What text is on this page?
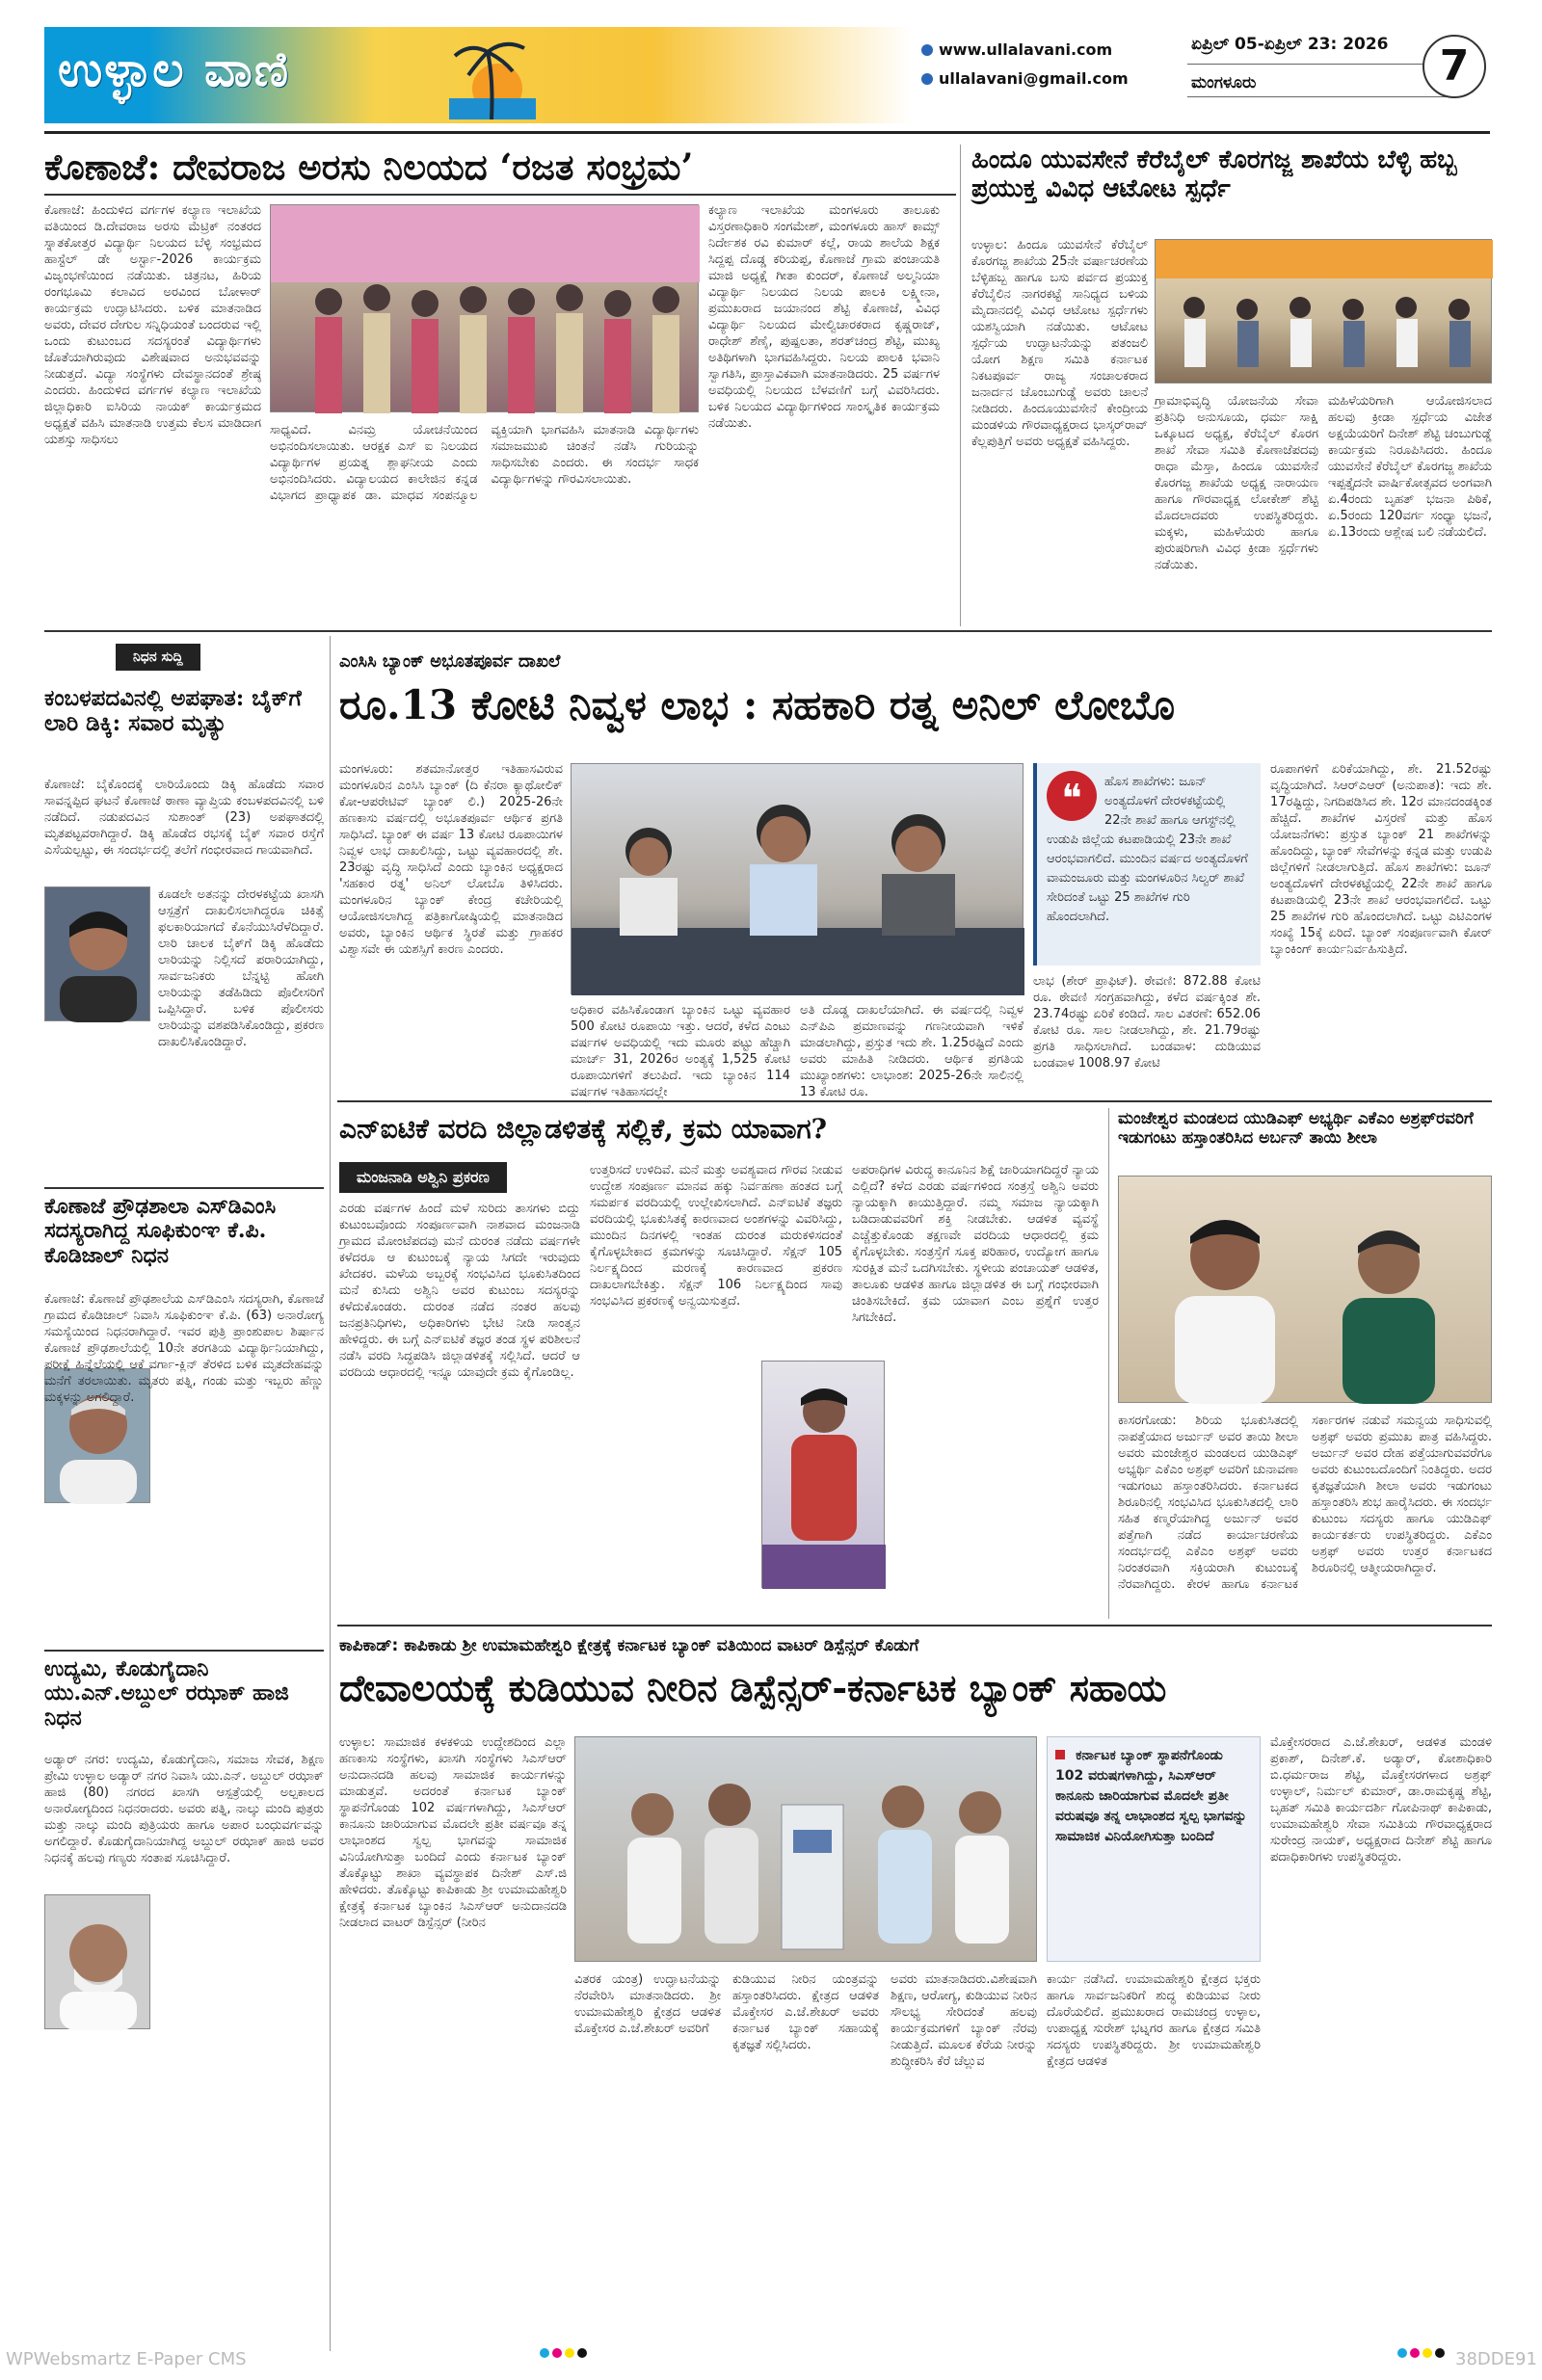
ಉಳ್ಳಾಲ ವಾಣಿ	www.ullalavani.com
ullalavani@gmail.com
ಏಪ್ರಿಲ್ 05-ಏಪ್ರಿಲ್ 23: 2026
ಮಂಗಳೂರು	7
ಕೊಣಾಜೆ: ದೇವರಾಜ ಅರಸು ನಿಲಯದ ‘ರಜತ ಸಂಭ್ರಮ’
ಕೊಣಾಜೆ: ಹಿಂದುಳಿದ ವರ್ಗಗಳ ಕಲ್ಯಾಣ ಇಲಾಖೆಯ ವತಿಯಿಂದ ಡಿ.ದೇವರಾಜ ಅರಸು ಮೆಟ್ರಿಕ್ ನಂತರದ ಸ್ನಾತಕೋತ್ತರ ವಿದ್ಯಾರ್ಥಿ ನಿಲಯದ ಬೆಳ್ಳಿ ಸಂಭ್ರಮದ ಹಾಸ್ಟೆಲ್ ಡೇ ಅರ್ಸ್ಟಾ-2026 ಕಾರ್ಯಕ್ರಮ ವಿಜೃಂಭಣೆಯಿಂದ ನಡೆಯಿತು. ಚಿತ್ರನಟ, ಹಿರಿಯ ರಂಗಭೂಮಿ ಕಲಾವಿದ ಅರವಿಂದ ಬೋಳಾರ್ ಕಾರ್ಯಕ್ರಮ ಉದ್ಘಾಟಿಸಿದರು. ಬಳಿಕ ಮಾತನಾಡಿದ ಅವರು, ದೇವರ ದೇಗುಲ ಸನ್ನಿಧಿಯಂತೆ ಬಂದರುವ ಇಲ್ಲಿ ಒಂದು ಕುಟುಂಬದ ಸದಸ್ಯರಂತೆ ವಿದ್ಯಾರ್ಥಿಗಳು ಜೊತೆಯಾಗಿರುವುದು ವಿಶೇಷವಾದ ಅನುಭವವನ್ನು ನೀಡುತ್ತದೆ. ವಿದ್ಯಾ ಸಂಸ್ಥೆಗಳು ದೇವಸ್ಥಾನದಂತೆ ಶ್ರೇಷ್ಠ ಎಂದರು. ಹಿಂದುಳಿದ ವರ್ಗಗಳ ಕಲ್ಯಾಣ ಇಲಾಖೆಯ ಜಿಲ್ಲಾಧಿಕಾರಿ ಐಸಿರಿಯ ನಾಯಕ್ ಕಾರ್ಯಕ್ರಮದ ಅಧ್ಯಕ್ಷತೆ ವಹಿಸಿ ಮಾತನಾಡಿ ಉತ್ತಮ ಕೆಲಸ ಮಾಡಿದಾಗ ಯಶಸ್ಸು ಸಾಧಿಸಲು
ಸಾಧ್ಯವಿದೆ. ವಿನಮ್ರ ಯೋಚನೆಯಿಂದ ಅಭಿನಂದಿಸಲಾಯಿತು. ಆರಕ್ಷಕ ಎಸ್ ಐ ನಿಲಯದ ವಿದ್ಯಾರ್ಥಿಗಳ ಪ್ರಯತ್ನ ಶ್ಲಾಘನೀಯ ಎಂದು ಅಭಿನಂದಿಸಿದರು. ವಿದ್ಯಾಲಯದ ಕಾಲೇಜಿನ ಕನ್ನಡ ವಿಭಾಗದ ಪ್ರಾಧ್ಯಾಪಕ ಡಾ. ಮಾಧವ ಸಂಪನ್ಮೂಲ ವ್ಯಕ್ತಿಯಾಗಿ ಭಾಗವಹಿಸಿ ಮಾತನಾಡಿ ವಿದ್ಯಾರ್ಥಿಗಳು ಸಮಾಜಮುಖಿ ಚಿಂತನೆ ನಡೆಸಿ ಗುರಿಯನ್ನು ಸಾಧಿಸಬೇಕು ಎಂದರು. ಈ ಸಂದರ್ಭ ಸಾಧಕ ವಿದ್ಯಾರ್ಥಿಗಳನ್ನು ಗೌರವಿಸಲಾಯಿತು.
ಕಲ್ಯಾಣ ಇಲಾಖೆಯ ಮಂಗಳೂರು ತಾಲೂಕು ವಿಸ್ತರಣಾಧಿಕಾರಿ ಸಂಗಮೇಶ್, ಮಂಗಳೂರು ಹಾಸ್ ಕಾಮ್ಸ್ ನಿರ್ದೇಶಕ ರವಿ ಕುಮಾರ್ ಕಲ್ಲೆ, ರಾಯ ಶಾಲೆಯ ಶಿಕ್ಷಕ ಸಿದ್ದಪ್ಪ ದೊಡ್ಡ ಕರಿಯಪ್ಪ, ಕೊಣಾಜೆ ಗ್ರಾಮ ಪಂಚಾಯತಿ ಮಾಜಿ ಅಧ್ಯಕ್ಷೆ ಗೀತಾ ಕುಂದರ್, ಕೊಣಾಜೆ ಅಲ್ಮನಿಯಾ ವಿದ್ಯಾರ್ಥಿ ನಿಲಯದ ನಿಲಯ ಪಾಲಕಿ ಲಕ್ಷ್ಮೀನಾ, ಪ್ರಮುಖರಾದ ಜಯಾನಂದ ಶೆಟ್ಟಿ ಕೊಣಾಜೆ, ವಿವಿಧ ವಿದ್ಯಾರ್ಥಿ ನಿಲಯದ ಮೇಲ್ವಿಚಾರಕರಾದ ಕೃಷ್ಣರಾಜ್, ರಾಧೇಶ್ ಶೆಣೈ, ಪುಷ್ಪಲತಾ, ಶರತ್‌ಚಂದ್ರ ಶೆಟ್ಟಿ, ಮುಖ್ಯ ಅತಿಥಿಗಳಾಗಿ ಭಾಗವಹಿಸಿದ್ದರು. ನಿಲಯ ಪಾಲಕಿ ಭವಾನಿ ಸ್ವಾಗತಿಸಿ, ಪ್ರಾಸ್ತಾವಿಕವಾಗಿ ಮಾತನಾಡಿದರು. 25 ವರ್ಷಗಳ ಅವಧಿಯಲ್ಲಿ ನಿಲಯದ ಬೆಳವಣಿಗೆ ಬಗ್ಗೆ ವಿವರಿಸಿದರು. ಬಳಿಕ ನಿಲಯದ ವಿದ್ಯಾರ್ಥಿಗಳಿಂದ ಸಾಂಸ್ಕೃತಿಕ ಕಾರ್ಯಕ್ರಮ ನಡೆಯಿತು.
ಹಿಂದೂ ಯುವಸೇನೆ ಕೆರೆಬೈಲ್ ಕೊರಗಜ್ಜ ಶಾಖೆಯ ಬೆಳ್ಳಿ ಹಬ್ಬ ಪ್ರಯುಕ್ತ ವಿವಿಧ ಆಟೋಟ ಸ್ಪರ್ಧೆ
ಉಳ್ಳಾಲ: ಹಿಂದೂ ಯುವಸೇನೆ ಕೆರೆಬೈಲ್ ಕೊರಗಜ್ಜ ಶಾಖೆಯ 25ನೇ ವರ್ಷಾಚರಣೆಯ ಬೆಳ್ಳಿಹಬ್ಬ ಹಾಗೂ ಬಸು ಪರ್ವದ ಪ್ರಯುಕ್ತ ಕೆರೆಬೈಲಿನ ನಾಗರಕಟ್ಟೆ ಸಾನಿಧ್ಯದ ಬಳಿಯ ಮೈದಾನದಲ್ಲಿ ವಿವಿಧ ಆಟೋಟ ಸ್ಪರ್ಧೆಗಳು ಯಶಸ್ವಿಯಾಗಿ ನಡೆಯಿತು. ಆಟೋಟ ಸ್ಪರ್ಧೆಯ ಉದ್ಘಾಟನೆಯನ್ನು ಪತಂಜಲಿ ಯೋಗ ಶಿಕ್ಷಣ ಸಮಿತಿ ಕರ್ನಾಟಕ ನಿಕಟಪೂರ್ವ ರಾಜ್ಯ ಸಂಚಾಲಕರಾದ ಜನಾರ್ದನ ಚೊಂಬುಗುಡ್ಡೆ ಅವರು ಚಾಲನೆ ನೀಡಿದರು. ಹಿಂದೂಯುವಸೇನೆ ಕೇಂದ್ರೀಯ ಮಂಡಳಿಯ ಗೌರವಾಧ್ಯಕ್ಷರಾದ ಭಾಸ್ಕರ್‌ರಾವ್ ಕೆಲ್ಲಪುತ್ತಿಗೆ ಅವರು ಅಧ್ಯಕ್ಷತೆ ವಹಿಸಿದ್ದರು.
ಗ್ರಾಮಾಭಿವೃದ್ಧಿ ಯೋಜನೆಯ ಸೇವಾ ಪ್ರತಿನಿಧಿ ಅನುಸೂಯ, ಧರ್ಮ ಸಾಕ್ಷಿ ಒಕ್ಕೂಟದ ಅಧ್ಯಕ್ಷ, ಕೆರೆಬೈಲ್ ಕೊರಗ ಶಾಖೆ ಸೇವಾ ಸಮಿತಿ ಕೊಣಾಜೆಪದವು ರಾಧಾ ಮೆಸ್ತಾ, ಹಿಂದೂ ಯುವಸೇನೆ ಕೊರಗಜ್ಜ ಶಾಖೆಯ ಅಧ್ಯಕ್ಷ ನಾರಾಯಣ ಹಾಗೂ ಗೌರವಾಧ್ಯಕ್ಷ ಲೋಕೇಶ್ ಶೆಟ್ಟಿ ಮೊದಲಾದವರು ಉಪಸ್ಥಿತರಿದ್ದರು. ಮಕ್ಕಳು, ಮಹಿಳೆಯರು ಹಾಗೂ ಪುರುಷರಿಗಾಗಿ ವಿವಿಧ ಕ್ರೀಡಾ ಸ್ಪರ್ಧೆಗಳು ನಡೆಯಿತು.
ಮಹಿಳೆಯರಿಗಾಗಿ ಆಯೋಜಿಸಲಾದ ಹಲವು ಕ್ರೀಡಾ ಸ್ಪರ್ಧೆಯ ವಿಜೇತ ಅಕ್ಷಯೆಯರಿಗೆ ದಿನೇಶ್ ಶೆಟ್ಟಿ ಚಂಬುಗುಡ್ಡೆ ಕಾರ್ಯಕ್ರಮ ನಿರೂಪಿಸಿದರು. ಹಿಂದೂ ಯುವಸೇನೆ ಕೆರೆಬೈಲ್ ಕೊರಗಜ್ಜ ಶಾಖೆಯ ಇಪ್ಪತ್ತೈದನೇ ವಾರ್ಷಿಕೋತ್ಸವದ ಅಂಗವಾಗಿ ಏ.4ರಂದು ಬೃಹತ್ ಭಜನಾ ಪಿಠಿಕೆ, ಏ.5ರಂದು 120ವರ್ಗ ಸಂಧ್ಯಾ ಭಜನೆ, ಏ.13ರಂದು ಆಶ್ಲೇಷ ಬಲಿ ನಡೆಯಲಿದೆ.
ನಿಧನ ಸುದ್ದಿ
ಕಂಬಳಪದವಿನಲ್ಲಿ ಅಪಘಾತ: ಬೈಕ್‌ಗೆ ಲಾರಿ ಡಿಕ್ಕಿ: ಸವಾರ ಮೃತ್ಯು
ಕೊಣಾಜೆ: ಬೈಕೊಂದಕ್ಕೆ ಲಾರಿಯೊಂದು ಡಿಕ್ಕಿ ಹೊಡೆದು ಸವಾರ ಸಾವನ್ನಪ್ಪಿದ ಘಟನೆ ಕೊಣಾಜೆ ಠಾಣಾ ವ್ಯಾಪ್ತಿಯ ಕಂಬಳಪದವಿನಲ್ಲಿ ಬಳಿ ನಡೆದಿದೆ. ನಡುಪದವಿನ ಸುಶಾಂತ್ (23) ಅಪಘಾತದಲ್ಲಿ ಮೃತಪಟ್ಟವರಾಗಿದ್ದಾರೆ. ಡಿಕ್ಕಿ ಹೊಡೆದ ರಭಸಕ್ಕೆ ಬೈಕ್ ಸವಾರ ರಸ್ತೆಗೆ ಎಸೆಯಲ್ಪಟ್ಟು, ಈ ಸಂದರ್ಭದಲ್ಲಿ ತಲೆಗೆ ಗಂಭೀರವಾದ ಗಾಯವಾಗಿದೆ.
ಕೂಡಲೇ ಅತನನ್ನು ದೇರಳಕಟ್ಟೆಯ ಖಾಸಗಿ ಆಸ್ಪತ್ರೆಗೆ ದಾಖಲಿಸಲಾಗಿದ್ದರೂ ಚಿಕಿತ್ಸೆ ಫಲಕಾರಿಯಾಗದೆ ಕೊನೆಯುಸಿರೆಳೆದಿದ್ದಾರೆ. ಲಾರಿ ಚಾಲಕ ಬೈಕ್‌ಗೆ ಡಿಕ್ಕಿ ಹೊಡೆದು ಲಾರಿಯನ್ನು ನಿಲ್ಲಿಸದೆ ಪರಾರಿಯಾಗಿದ್ದು, ಸಾರ್ವಜನಿಕರು ಬೆನ್ನಟ್ಟಿ ಹೋಗಿ ಲಾರಿಯನ್ನು ತಡೆಹಿಡಿದು ಪೊಲೀಸರಿಗೆ ಒಪ್ಪಿಸಿದ್ದಾರೆ. ಬಳಿಕ ಪೊಲೀಸರು ಲಾರಿಯನ್ನು ವಶಪಡಿಸಿಕೊಂಡಿದ್ದು, ಪ್ರಕರಣ ದಾಖಲಿಸಿಕೊಂಡಿದ್ದಾರೆ.
ಕೊಣಾಜೆ ಪ್ರೌಢಶಾಲಾ ಎಸ್‌ಡಿಎಂಸಿ ಸದಸ್ಯರಾಗಿದ್ದ ಸೂಫಿಕುಂಞ ಕೆ.ಪಿ. ಕೊಡಿಜಾಲ್ ನಿಧನ
ಕೊಣಾಜೆ: ಕೊಣಾಜೆ ಪ್ರೌಢಶಾಲೆಯ ಎಸ್‌ಡಿಎಂಸಿ ಸದಸ್ಯರಾಗಿ, ಕೊಣಾಜೆ ಗ್ರಾಮದ ಕೊಡಿಜಾಲ್ ನಿವಾಸಿ ಸೂಫಿಕುಂಞ ಕೆ.ಪಿ. (63) ಅನಾರೋಗ್ಯ ಸಮಸ್ಯೆಯಿಂದ ನಿಧನರಾಗಿದ್ದಾರೆ. ಇವರ ಪುತ್ರಿ ಪ್ರಾಂಶುಪಾಲ ಶಿರ್ಷಾನ ಕೊಣಾಜೆ ಪ್ರೌಢಶಾಲೆಯಲ್ಲಿ 10ನೇ ತರಗತಿಯ ವಿದ್ಯಾರ್ಥಿನಿಯಾಗಿದ್ದು, ಪರೀಕ್ಷೆ ಹಿನ್ನೆಲೆಯಲ್ಲಿ ಆಕೆ ವರ್ಗಾ-ಕ್ಲಿನ್ ತೆರಳಿದ ಬಳಿಕ ಮೃತದೇಹವನ್ನು ಮನೆಗೆ ತರಲಾಯಿತು. ಮೃತರು ಪತ್ನಿ, ಗಂಡು ಮತ್ತು ಇಬ್ಬರು ಹೆಣ್ಣು ಮಕ್ಕಳನ್ನು ಅಗಲಿದ್ದಾರೆ.
ಉದ್ಯಮಿ, ಕೊಡುಗೈದಾನಿ ಯು.ಎನ್.ಅಬ್ದುಲ್ ರಝಾಕ್ ಹಾಜಿ ನಿಧನ
ಅಡ್ಯಾರ್ ನಗರ: ಉದ್ಯಮಿ, ಕೊಡುಗೈದಾನಿ, ಸಮಾಜ ಸೇವಕ, ಶಿಕ್ಷಣ ಪ್ರೇಮಿ ಉಳ್ಳಾಲ ಅಡ್ಯಾರ್ ನಗರ ನಿವಾಸಿ ಯು.ಎನ್. ಅಬ್ದುಲ್ ರಝಾಕ್ ಹಾಜಿ (80) ನಗರದ ಖಾಸಗಿ ಆಸ್ಪತ್ರೆಯಲ್ಲಿ ಅಲ್ಪಕಾಲದ ಅನಾರೋಗ್ಯದಿಂದ ನಿಧನರಾದರು. ಅವರು ಪತ್ನಿ, ನಾಲ್ಕು ಮಂದಿ ಪುತ್ರರು ಮತ್ತು ನಾಲ್ಕು ಮಂದಿ ಪುತ್ರಿಯರು ಹಾಗೂ ಅಪಾರ ಬಂಧುವರ್ಗವನ್ನು ಅಗಲಿದ್ದಾರೆ. ಕೊಡುಗೈದಾನಿಯಾಗಿದ್ದ ಅಬ್ದುಲ್ ರಝಾಕ್ ಹಾಜಿ ಅವರ ನಿಧನಕ್ಕೆ ಹಲವು ಗಣ್ಯರು ಸಂತಾಪ ಸೂಚಿಸಿದ್ದಾರೆ.
ಎಂಸಿಸಿ ಬ್ಯಾಂಕ್ ಅಭೂತಪೂರ್ವ ದಾಖಲೆ
ರೂ.13 ಕೋಟಿ ನಿವ್ವಳ ಲಾಭ : ಸಹಕಾರಿ ರತ್ನ ಅನಿಲ್ ಲೋಬೊ
ಮಂಗಳೂರು: ಶತಮಾನೋತ್ತರ ಇತಿಹಾಸವಿರುವ ಮಂಗಳೂರಿನ ಎಂಸಿಸಿ ಬ್ಯಾಂಕ್ (ದಿ ಕೆನರಾ ಕ್ಯಾಥೋಲಿಕ್ ಕೋ-ಆಪರೇಟಿವ್ ಬ್ಯಾಂಕ್ ಲಿ.) 2025-26ನೇ ಹಣಕಾಸು ವರ್ಷದಲ್ಲಿ ಅಭೂತಪೂರ್ವ ಆರ್ಥಿಕ ಪ್ರಗತಿ ಸಾಧಿಸಿದೆ. ಬ್ಯಾಂಕ್ ಈ ವರ್ಷ 13 ಕೋಟಿ ರೂಪಾಯಿಗಳ ನಿವ್ವಳ ಲಾಭ ದಾಖಲಿಸಿದ್ದು, ಒಟ್ಟು ವ್ಯವಹಾರದಲ್ಲಿ ಶೇ. 23ರಷ್ಟು ವೃದ್ಧಿ ಸಾಧಿಸಿದೆ ಎಂದು ಬ್ಯಾಂಕಿನ ಅಧ್ಯಕ್ಷರಾದ 'ಸಹಕಾರ ರತ್ನ' ಅನಿಲ್ ಲೋಬೊ ತಿಳಿಸಿದರು. ಮಂಗಳೂರಿನ ಬ್ಯಾಂಕ್ ಕೇಂದ್ರ ಕಚೇರಿಯಲ್ಲಿ ಆಯೋಜಿಸಲಾಗಿದ್ದ ಪತ್ರಿಕಾಗೋಷ್ಠಿಯಲ್ಲಿ ಮಾತನಾಡಿದ ಅವರು, ಬ್ಯಾಂಕಿನ ಆರ್ಥಿಕ ಸ್ಥಿರತೆ ಮತ್ತು ಗ್ರಾಹಕರ ವಿಶ್ವಾಸವೇ ಈ ಯಶಸ್ಸಿಗೆ ಕಾರಣ ಎಂದರು.
ಅಧಿಕಾರ ವಹಿಸಿಕೊಂಡಾಗ ಬ್ಯಾಂಕಿನ ಒಟ್ಟು ವ್ಯವಹಾರ 500 ಕೋಟಿ ರೂಪಾಯಿ ಇತ್ತು. ಆದರೆ, ಕಳೆದ ಎಂಟು ವರ್ಷಗಳ ಅವಧಿಯಲ್ಲಿ ಇದು ಮೂರು ಪಟ್ಟು ಹೆಚ್ಚಾಗಿ ಮಾರ್ಚ್ 31, 2026ರ ಅಂತ್ಯಕ್ಕೆ 1,525 ಕೋಟಿ ರೂಪಾಯಿಗಳಿಗೆ ತಲುಪಿದೆ. ಇದು ಬ್ಯಾಂಕಿನ 114 ವರ್ಷಗಳ ಇತಿಹಾಸದಲ್ಲೇ
ಅತಿ ದೊಡ್ಡ ದಾಖಲೆಯಾಗಿದೆ. ಈ ವರ್ಷದಲ್ಲಿ ನಿವ್ವಳ ಎನ್‌ಪಿಎ ಪ್ರಮಾಣವನ್ನು ಗಣನೀಯವಾಗಿ ಇಳಿಕೆ ಮಾಡಲಾಗಿದ್ದು, ಪ್ರಸ್ತುತ ಇದು ಶೇ. 1.25ರಷ್ಟಿದೆ ಎಂದು ಅವರು ಮಾಹಿತಿ ನೀಡಿದರು. ಆರ್ಥಿಕ ಪ್ರಗತಿಯ ಮುಖ್ಯಾಂಶಗಳು: ಲಾಭಾಂಶ: 2025-26ನೇ ಸಾಲಿನಲ್ಲಿ 13 ಕೋಟಿ ರೂ.
❝	ಹೊಸ ಶಾಖೆಗಳು: ಜೂನ್ ಅಂತ್ಯದೊಳಗೆ ದೇರಳಕಟ್ಟೆಯಲ್ಲಿ 22ನೇ ಶಾಖೆ ಹಾಗೂ ಆಗಸ್ಟ್‌ನಲ್ಲಿ ಉಡುಪಿ ಜಿಲ್ಲೆಯ ಕಟಪಾಡಿಯಲ್ಲಿ 23ನೇ ಶಾಖೆ ಆರಂಭವಾಗಲಿದೆ. ಮುಂದಿನ ವರ್ಷದ ಅಂತ್ಯದೊಳಗೆ ವಾಮಂಜೂರು ಮತ್ತು ಮಂಗಳೂರಿನ ಸಿಲ್ವರ್ ಶಾಖೆ ಸೇರಿದಂತೆ ಒಟ್ಟು 25 ಶಾಖೆಗಳ ಗುರಿ ಹೊಂದಲಾಗಿದೆ.
ಲಾಭ (ಶೇರ್ ಪ್ರಾಫಿಟ್). ಠೇವಣಿ: 872.88 ಕೋಟಿ ರೂ. ಠೇವಣಿ ಸಂಗ್ರಹವಾಗಿದ್ದು, ಕಳೆದ ವರ್ಷಕ್ಕಿಂತ ಶೇ. 23.74ರಷ್ಟು ಏರಿಕೆ ಕಂಡಿದೆ. ಸಾಲ ವಿತರಣೆ: 652.06 ಕೋಟಿ ರೂ. ಸಾಲ ನೀಡಲಾಗಿದ್ದು, ಶೇ. 21.79ರಷ್ಟು ಪ್ರಗತಿ ಸಾಧಿಸಲಾಗಿದೆ. ಬಂಡವಾಳ: ದುಡಿಯುವ ಬಂಡವಾಳ 1008.97 ಕೋಟಿ
ರೂಪಾಗಳಿಗೆ ಏರಿಕೆಯಾಗಿದ್ದು, ಶೇ. 21.52ರಷ್ಟು ವೃದ್ಧಿಯಾಗಿದೆ. ಸಿಆರ್‌ಎಆರ್ (ಅನುಪಾತ): ಇದು ಶೇ. 17ರಷ್ಟಿದ್ದು, ನಿಗದಿಪಡಿಸಿದ ಶೇ. 12ರ ಮಾನದಂಡಕ್ಕಿಂತ ಹೆಚ್ಚಿದೆ. ಶಾಖೆಗಳ ವಿಸ್ತರಣೆ ಮತ್ತು ಹೊಸ ಯೋಜನೆಗಳು: ಪ್ರಸ್ತುತ ಬ್ಯಾಂಕ್ 21 ಶಾಖೆಗಳನ್ನು ಹೊಂದಿದ್ದು, ಬ್ಯಾಂಕ್ ಸೇವೆಗಳನ್ನು ಕನ್ನಡ ಮತ್ತು ಉಡುಪಿ ಜಿಲ್ಲೆಗಳಿಗೆ ನೀಡಲಾಗುತ್ತಿದೆ. ಹೊಸ ಶಾಖೆಗಳು: ಜೂನ್ ಅಂತ್ಯದೊಳಗೆ ದೇರಳಕಟ್ಟೆಯಲ್ಲಿ 22ನೇ ಶಾಖೆ ಹಾಗೂ ಕಟಪಾಡಿಯಲ್ಲಿ 23ನೇ ಶಾಖೆ ಆರಂಭವಾಗಲಿದೆ. ಒಟ್ಟು 25 ಶಾಖೆಗಳ ಗುರಿ ಹೊಂದಲಾಗಿದೆ. ಒಟ್ಟು ಎಟಿಎಂಗಳ ಸಂಖ್ಯೆ 15ಕ್ಕೆ ಏರಿದೆ. ಬ್ಯಾಂಕ್ ಸಂಪೂರ್ಣವಾಗಿ ಕೋರ್ ಬ್ಯಾಂಕಿಂಗ್ ಕಾರ್ಯನಿರ್ವಹಿಸುತ್ತಿದೆ.
ಎನ್‌ಐಟಿಕೆ ವರದಿ ಜಿಲ್ಲಾಡಳಿತಕ್ಕೆ ಸಲ್ಲಿಕೆ, ಕ್ರಮ ಯಾವಾಗ?
ಮಂಜನಾಡಿ ಅಶ್ವಿನಿ ಪ್ರಕರಣ
ಎರಡು ವರ್ಷಗಳ ಹಿಂದೆ ಮಳೆ ಸುರಿದು ತಾಸಗಳು ಬಿದ್ದು ಕುಟುಂಬವೊಂದು ಸಂಪೂರ್ಣವಾಗಿ ನಾಶವಾದ ಮಂಜನಾಡಿ ಗ್ರಾಮದ ಮೋಂಟೆಪದವು ಮನೆ ದುರಂತ ನಡೆದು ವರ್ಷಗಳೇ ಕಳೆದರೂ ಆ ಕುಟುಂಬಕ್ಕೆ ನ್ಯಾಯ ಸಿಗದೇ ಇರುವುದು ಖೇದಕರ. ಮಳೆಯ ಅಬ್ಬರಕ್ಕೆ ಸಂಭವಿಸಿದ ಭೂಕುಸಿತದಿಂದ ಮನೆ ಕುಸಿದು ಅಶ್ವಿನಿ ಅವರ ಕುಟುಂಬ ಸದಸ್ಯರನ್ನು ಕಳೆದುಕೊಂಡರು. ದುರಂತ ನಡೆದ ನಂತರ ಹಲವು ಜನಪ್ರತಿನಿಧಿಗಳು, ಅಧಿಕಾರಿಗಳು ಭೇಟಿ ನೀಡಿ ಸಾಂತ್ವನ ಹೇಳಿದ್ದರು. ಈ ಬಗ್ಗೆ ಎನ್‌ಐಟಿಕೆ ತಜ್ಞರ ತಂಡ ಸ್ಥಳ ಪರಿಶೀಲನೆ ನಡೆಸಿ ವರದಿ ಸಿದ್ಧಪಡಿಸಿ ಜಿಲ್ಲಾಡಳಿತಕ್ಕೆ ಸಲ್ಲಿಸಿದೆ. ಆದರೆ ಆ ವರದಿಯ ಆಧಾರದಲ್ಲಿ ಇನ್ನೂ ಯಾವುದೇ ಕ್ರಮ ಕೈಗೊಂಡಿಲ್ಲ.
ಉತ್ತರಿಸದೆ ಉಳಿದಿವೆ. ಮನೆ ಮತ್ತು ಅವಶ್ಯವಾದ ಗೌರವ ನೀಡುವ ಉದ್ದೇಶ ಸಂಪೂರ್ಣ ಮಾನವ ಹಕ್ಕು ನಿರ್ವಹಣಾ ಹಂತದ ಬಗ್ಗೆ ಸಮರ್ಪಕ ವರದಿಯಲ್ಲಿ ಉಲ್ಲೇಖಿಸಲಾಗಿದೆ. ಎನ್‌ಐಟಿಕೆ ತಜ್ಞರು ವರದಿಯಲ್ಲಿ ಭೂಕುಸಿತಕ್ಕೆ ಕಾರಣವಾದ ಅಂಶಗಳನ್ನು ವಿವರಿಸಿದ್ದು, ಮುಂದಿನ ದಿನಗಳಲ್ಲಿ ಇಂತಹ ದುರಂತ ಮರುಕಳಿಸದಂತೆ ಕೈಗೊಳ್ಳಬೇಕಾದ ಕ್ರಮಗಳನ್ನು ಸೂಚಿಸಿದ್ದಾರೆ. ಸೆಕ್ಷನ್ 105 ನಿರ್ಲಕ್ಷ್ಯದಿಂದ ಮರಣಕ್ಕೆ ಕಾರಣವಾದ ಪ್ರಕರಣ ದಾಖಲಾಗಬೇಕಿತ್ತು. ಸೆಕ್ಷನ್ 106 ನಿರ್ಲಕ್ಷ್ಯದಿಂದ ಸಾವು ಸಂಭವಿಸಿದ ಪ್ರಕರಣಕ್ಕೆ ಅನ್ವಯಿಸುತ್ತದೆ.
ಅಪರಾಧಿಗಳ ವಿರುದ್ಧ ಕಾನೂನಿನ ಶಿಕ್ಷೆ ಜಾರಿಯಾಗದಿದ್ದರೆ ನ್ಯಾಯ ಎಲ್ಲಿದೆ? ಕಳೆದ ಎರಡು ವರ್ಷಗಳಿಂದ ಸಂತ್ರಸ್ತೆ ಅಶ್ವಿನಿ ಅವರು ನ್ಯಾಯಕ್ಕಾಗಿ ಕಾಯುತ್ತಿದ್ದಾರೆ. ನಮ್ಮ ಸಮಾಜ ನ್ಯಾಯಕ್ಕಾಗಿ ಬಡಿದಾಡುವವರಿಗೆ ಶಕ್ತಿ ನೀಡಬೇಕು. ಆಡಳಿತ ವ್ಯವಸ್ಥೆ ಎಚ್ಚೆತ್ತುಕೊಂಡು ತಕ್ಷಣವೇ ವರದಿಯ ಆಧಾರದಲ್ಲಿ ಕ್ರಮ ಕೈಗೊಳ್ಳಬೇಕು. ಸಂತ್ರಸ್ತೆಗೆ ಸೂಕ್ತ ಪರಿಹಾರ, ಉದ್ಯೋಗ ಹಾಗೂ ಸುರಕ್ಷಿತ ಮನೆ ಒದಗಿಸಬೇಕು. ಸ್ಥಳೀಯ ಪಂಚಾಯತ್ ಆಡಳಿತ, ತಾಲೂಕು ಆಡಳಿತ ಹಾಗೂ ಜಿಲ್ಲಾಡಳಿತ ಈ ಬಗ್ಗೆ ಗಂಭೀರವಾಗಿ ಚಿಂತಿಸಬೇಕಿದೆ. ಕ್ರಮ ಯಾವಾಗ ಎಂಬ ಪ್ರಶ್ನೆಗೆ ಉತ್ತರ ಸಿಗಬೇಕಿದೆ.
ಮಂಜೇಶ್ವರ ಮಂಡಲದ ಯುಡಿಎಫ್ ಅಭ್ಯರ್ಥಿ ಎಕೆಎಂ ಅಶ್ರಫ್‌ರವರಿಗೆ ಇಡುಗಂಟು ಹಸ್ತಾಂತರಿಸಿದ ಅರ್ಬನ್ ತಾಯಿ ಶೀಲಾ
ಕಾಸರಗೋಡು: ಶಿರಿಯ ಭೂಕುಸಿತದಲ್ಲಿ ನಾಪತ್ತೆಯಾದ ಅರ್ಜುನ್ ಅವರ ತಾಯಿ ಶೀಲಾ ಅವರು ಮಂಜೇಶ್ವರ ಮಂಡಲದ ಯುಡಿಎಫ್ ಅಭ್ಯರ್ಥಿ ಎಕೆಎಂ ಅಶ್ರಫ್ ಅವರಿಗೆ ಚುನಾವಣಾ ಇಡುಗಂಟು ಹಸ್ತಾಂತರಿಸಿದರು. ಕರ್ನಾಟಕದ ಶಿರೂರಿನಲ್ಲಿ ಸಂಭವಿಸಿದ ಭೂಕುಸಿತದಲ್ಲಿ ಲಾರಿ ಸಹಿತ ಕಣ್ಮರೆಯಾಗಿದ್ದ ಅರ್ಜುನ್ ಅವರ ಪತ್ತೆಗಾಗಿ ನಡೆದ ಕಾರ್ಯಾಚರಣೆಯ ಸಂದರ್ಭದಲ್ಲಿ ಎಕೆಎಂ ಅಶ್ರಫ್ ಅವರು ನಿರಂತರವಾಗಿ ಸಕ್ರಿಯರಾಗಿ ಕುಟುಂಬಕ್ಕೆ ನೆರವಾಗಿದ್ದರು. ಕೇರಳ ಹಾಗೂ ಕರ್ನಾಟಕ ಸರ್ಕಾರಗಳ ನಡುವೆ ಸಮನ್ವಯ ಸಾಧಿಸುವಲ್ಲಿ ಅಶ್ರಫ್ ಅವರು ಪ್ರಮುಖ ಪಾತ್ರ ವಹಿಸಿದ್ದರು. ಅರ್ಜುನ್ ಅವರ ದೇಹ ಪತ್ತೆಯಾಗುವವರೆಗೂ ಅವರು ಕುಟುಂಬದೊಂದಿಗೆ ನಿಂತಿದ್ದರು. ಅದರ ಕೃತಜ್ಞತೆಯಾಗಿ ಶೀಲಾ ಅವರು ಇಡುಗಂಟು ಹಸ್ತಾಂತರಿಸಿ ಶುಭ ಹಾರೈಸಿದರು. ಈ ಸಂದರ್ಭ ಕುಟುಂಬ ಸದಸ್ಯರು ಹಾಗೂ ಯುಡಿಎಫ್ ಕಾರ್ಯಕರ್ತರು ಉಪಸ್ಥಿತರಿದ್ದರು. ಎಕೆಎಂ ಅಶ್ರಫ್ ಅವರು ಉತ್ತರ ಕರ್ನಾಟಕದ ಶಿರೂರಿನಲ್ಲಿ ಆತ್ಮೀಯರಾಗಿದ್ದಾರೆ.
ಕಾಪಿಕಾಡ್: ಕಾಪಿಕಾಡು ಶ್ರೀ ಉಮಾಮಹೇಶ್ವರಿ ಕ್ಷೇತ್ರಕ್ಕೆ ಕರ್ನಾಟಕ ಬ್ಯಾಂಕ್ ವತಿಯಿಂದ ವಾಟರ್ ಡಿಸ್ಪೆನ್ಸರ್ ಕೊಡುಗೆ
ದೇವಾಲಯಕ್ಕೆ ಕುಡಿಯುವ ನೀರಿನ ಡಿಸ್ಪೆನ್ಸರ್-ಕರ್ನಾಟಕ ಬ್ಯಾಂಕ್ ಸಹಾಯ
ಉಳ್ಳಾಲ: ಸಾಮಾಜಿಕ ಕಳಕಳಿಯ ಉದ್ದೇಶದಿಂದ ಎಲ್ಲಾ ಹಣಕಾಸು ಸಂಸ್ಥೆಗಳು, ಖಾಸಗಿ ಸಂಸ್ಥೆಗಳು ಸಿಎಸ್‌ಆರ್ ಅನುದಾನದಡಿ ಹಲವು ಸಾಮಾಜಿಕ ಕಾರ್ಯಗಳನ್ನು ಮಾಡುತ್ತವೆ. ಅದರಂತೆ ಕರ್ನಾಟಕ ಬ್ಯಾಂಕ್ ಸ್ಥಾಪನೆಗೊಂಡು 102 ವರ್ಷಗಳಾಗಿದ್ದು, ಸಿಎಸ್‌ಆರ್ ಕಾನೂನು ಜಾರಿಯಾಗುವ ಮೊದಲೇ ಪ್ರತೀ ವರ್ಷವೂ ತನ್ನ ಲಾಭಾಂಶದ ಸ್ವಲ್ಪ ಭಾಗವನ್ನು ಸಾಮಾಜಿಕ ವಿನಿಯೋಗಿಸುತ್ತಾ ಬಂದಿದೆ ಎಂದು ಕರ್ನಾಟಕ ಬ್ಯಾಂಕ್ ತೊಕ್ಕೊಟ್ಟು ಶಾಖಾ ವ್ಯವಸ್ಥಾಪಕ ದಿನೇಶ್ ಎಸ್.ಜಿ ಹೇಳಿದರು. ತೊಕ್ಕೊಟ್ಟು ಕಾಪಿಕಾಡು ಶ್ರೀ ಉಮಾಮಹೇಶ್ವರಿ ಕ್ಷೇತ್ರಕ್ಕೆ ಕರ್ನಾಟಕ ಬ್ಯಾಂಕಿನ ಸಿಎಸ್‌ಆರ್ ಅನುದಾನದಡಿ ನೀಡಲಾದ ವಾಟರ್ ಡಿಸ್ಪೆನ್ಸರ್ (ನೀರಿನ
ವಿತರಕ ಯಂತ್ರ) ಉದ್ಘಾಟನೆಯನ್ನು ನೆರವೇರಿಸಿ ಮಾತನಾಡಿದರು. ಶ್ರೀ ಉಮಾಮಹೇಶ್ವರಿ ಕ್ಷೇತ್ರದ ಆಡಳಿತ ಮೊಕ್ತೇಸರ ಎ.ಜೆ.ಶೇಖರ್ ಅವರಿಗೆ
ಕುಡಿಯುವ ನೀರಿನ ಯಂತ್ರವನ್ನು ಹಸ್ತಾಂತರಿಸಿದರು. ಕ್ಷೇತ್ರದ ಆಡಳಿತ ಮೊಕ್ತೇಸರ ಎ.ಜೆ.ಶೇಖರ್ ಅವರು ಕರ್ನಾಟಕ ಬ್ಯಾಂಕ್ ಸಹಾಯಕ್ಕೆ ಕೃತಜ್ಞತೆ ಸಲ್ಲಿಸಿದರು.
ಅವರು ಮಾತನಾಡಿದರು.ವಿಶೇಷವಾಗಿ ಶಿಕ್ಷಣ, ಆರೋಗ್ಯ, ಕುಡಿಯುವ ನೀರಿನ ಸೌಲಭ್ಯ ಸೇರಿದಂತೆ ಹಲವು ಕಾರ್ಯಕ್ರಮಗಳಿಗೆ ಬ್ಯಾಂಕ್ ನೆರವು ನೀಡುತ್ತಿದೆ. ಮೂಲಕ ಕೆರೆಯ ನೀರನ್ನು ಶುದ್ಧೀಕರಿಸಿ ಕೆರೆ ಚೆಲ್ಲುವ
ಕರ್ನಾಟಕ ಬ್ಯಾಂಕ್ ಸ್ಥಾಪನೆಗೊಂಡು 102 ವರುಷಗಳಾಗಿದ್ದು, ಸಿಎಸ್‌ಆರ್ ಕಾನೂನು ಜಾರಿಯಾಗುವ ಮೊದಲೇ ಪ್ರತೀ ವರುಷವೂ ತನ್ನ ಲಾಭಾಂಶದ ಸ್ವಲ್ಪ ಭಾಗವನ್ನು ಸಾಮಾಜಿಕ ವಿನಿಯೋಗಿಸುತ್ತಾ ಬಂದಿದೆ
ಕಾರ್ಯ ನಡೆಸಿದೆ. ಉಮಾಮಹೇಶ್ವರಿ ಕ್ಷೇತ್ರದ ಭಕ್ತರು ಹಾಗೂ ಸಾರ್ವಜನಿಕರಿಗೆ ಶುದ್ಧ ಕುಡಿಯುವ ನೀರು ದೊರೆಯಲಿದೆ. ಪ್ರಮುಖರಾದ ರಾಮಚಂದ್ರ ಉಳ್ಳಾಲ, ಉಪಾಧ್ಯಕ್ಷ ಸುರೇಶ್ ಭಟ್ನಗರ ಹಾಗೂ ಕ್ಷೇತ್ರದ ಸಮಿತಿ ಸದಸ್ಯರು ಉಪಸ್ಥಿತರಿದ್ದರು. ಶ್ರೀ ಉಮಾಮಹೇಶ್ವರಿ ಕ್ಷೇತ್ರದ ಆಡಳಿತ
ಮೊಕ್ತೇಸರರಾದ ಎ.ಜೆ.ಶೇಖರ್, ಆಡಳಿತ ಮಂಡಳಿ ಪ್ರಕಾಶ್, ದಿನೇಶ್.ಕೆ. ಅಡ್ಯಾರ್, ಕೋಶಾಧಿಕಾರಿ ಬಿ.ಧರ್ಮರಾಜ ಶೆಟ್ಟಿ, ಮೊಕ್ತೇಸರಗಳಾದ ಅಶ್ರಫ್ ಉಳ್ಳಾಲ್, ನಿರ್ಮಲ್ ಕುಮಾರ್, ಡಾ.ರಾಮಕೃಷ್ಣ ಶೆಟ್ಟಿ, ಬೃಹತ್ ಸಮಿತಿ ಕಾರ್ಯದರ್ಶಿ ಗೋಪಿನಾಥ್ ಕಾಪಿಕಾಡು, ಉಮಾಮಹೇಶ್ವರಿ ಸೇವಾ ಸಮಿತಿಯ ಗೌರವಾಧ್ಯಕ್ಷರಾದ ಸುರೇಂದ್ರ ನಾಯಕ್, ಅಧ್ಯಕ್ಷರಾದ ದಿನೇಶ್ ಶೆಟ್ಟಿ ಹಾಗೂ ಪದಾಧಿಕಾರಿಗಳು ಉಪಸ್ಥಿತರಿದ್ದರು.
WPWebsmartz E-Paper CMS	38DDE91
